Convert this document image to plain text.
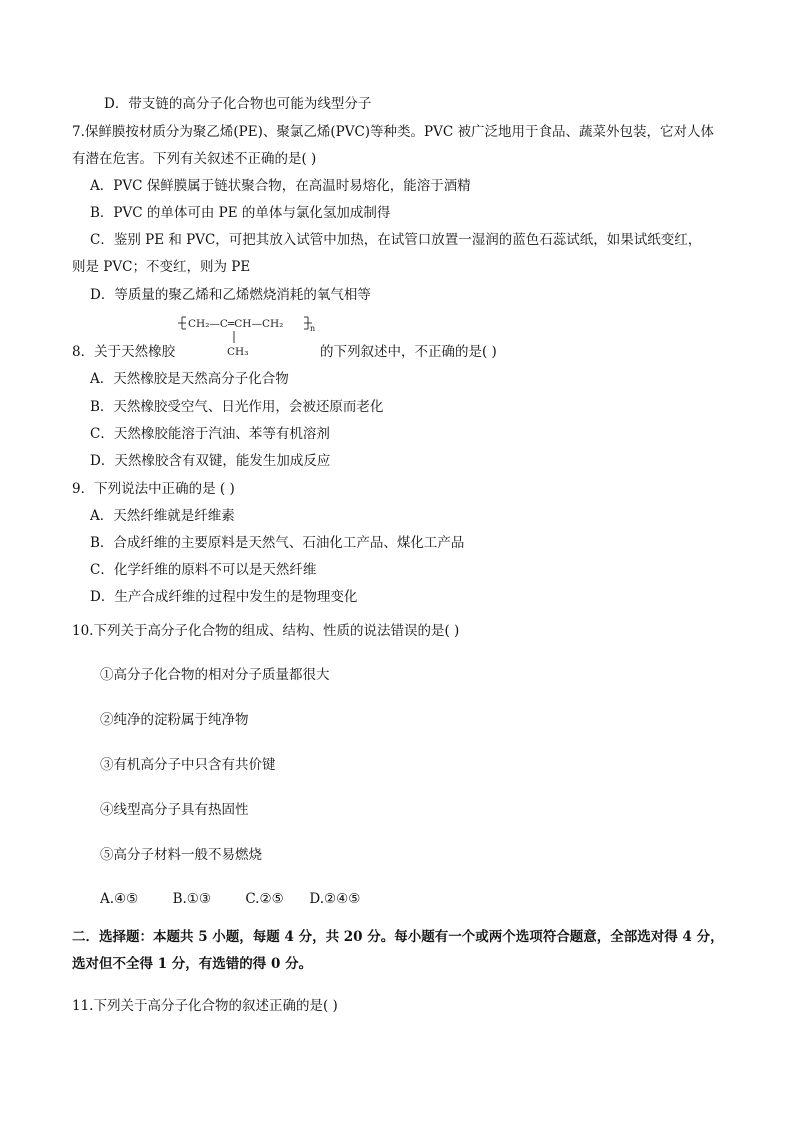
D．带支链的高分子化合物也可能为线型分子
7.保鲜膜按材质分为聚乙烯(PE)、聚氯乙烯(PVC)等种类。PVC 被广泛地用于食品、蔬菜外包装，它对人体
有潜在危害。下列有关叙述不正确的是( )
A．PVC 保鲜膜属于链状聚合物，在高温时易熔化，能溶于酒精
B．PVC 的单体可由 PE 的单体与氯化氢加成制得
C．鉴别 PE 和 PVC，可把其放入试管中加热，在试管口放置一湿润的蓝色石蕊试纸，如果试纸变红，
则是 PVC；不变红，则为 PE
D．等质量的聚乙烯和乙烯燃烧消耗的氧气相等
CH₂—C═CH—CH₂	n
CH₃
8．关于天然橡胶	的下列叙述中，不正确的是( )
A．天然橡胶是天然高分子化合物
B．天然橡胶受空气、日光作用，会被还原而老化
C．天然橡胶能溶于汽油、苯等有机溶剂
D．天然橡胶含有双键，能发生加成反应
9．下列说法中正确的是 ( )
A．天然纤维就是纤维素
B．合成纤维的主要原料是天然气、石油化工产品、煤化工产品
C．化学纤维的原料不可以是天然纤维
D．生产合成纤维的过程中发生的是物理变化
10.下列关于高分子化合物的组成、结构、性质的说法错误的是( )
①高分子化合物的相对分子质量都很大
②纯净的淀粉属于纯净物
③有机高分子中只含有共价键
④线型高分子具有热固性
⑤高分子材料一般不易燃烧
A.④⑤        B.①③        C.②⑤      D.②④⑤
二．选择题：本题共 5 小题，每题 4 分，共 20 分。每小题有一个或两个选项符合题意，全部选对得 4 分，
选对但不全得 1 分，有选错的得 0 分。
11.下列关于高分子化合物的叙述正确的是( )
